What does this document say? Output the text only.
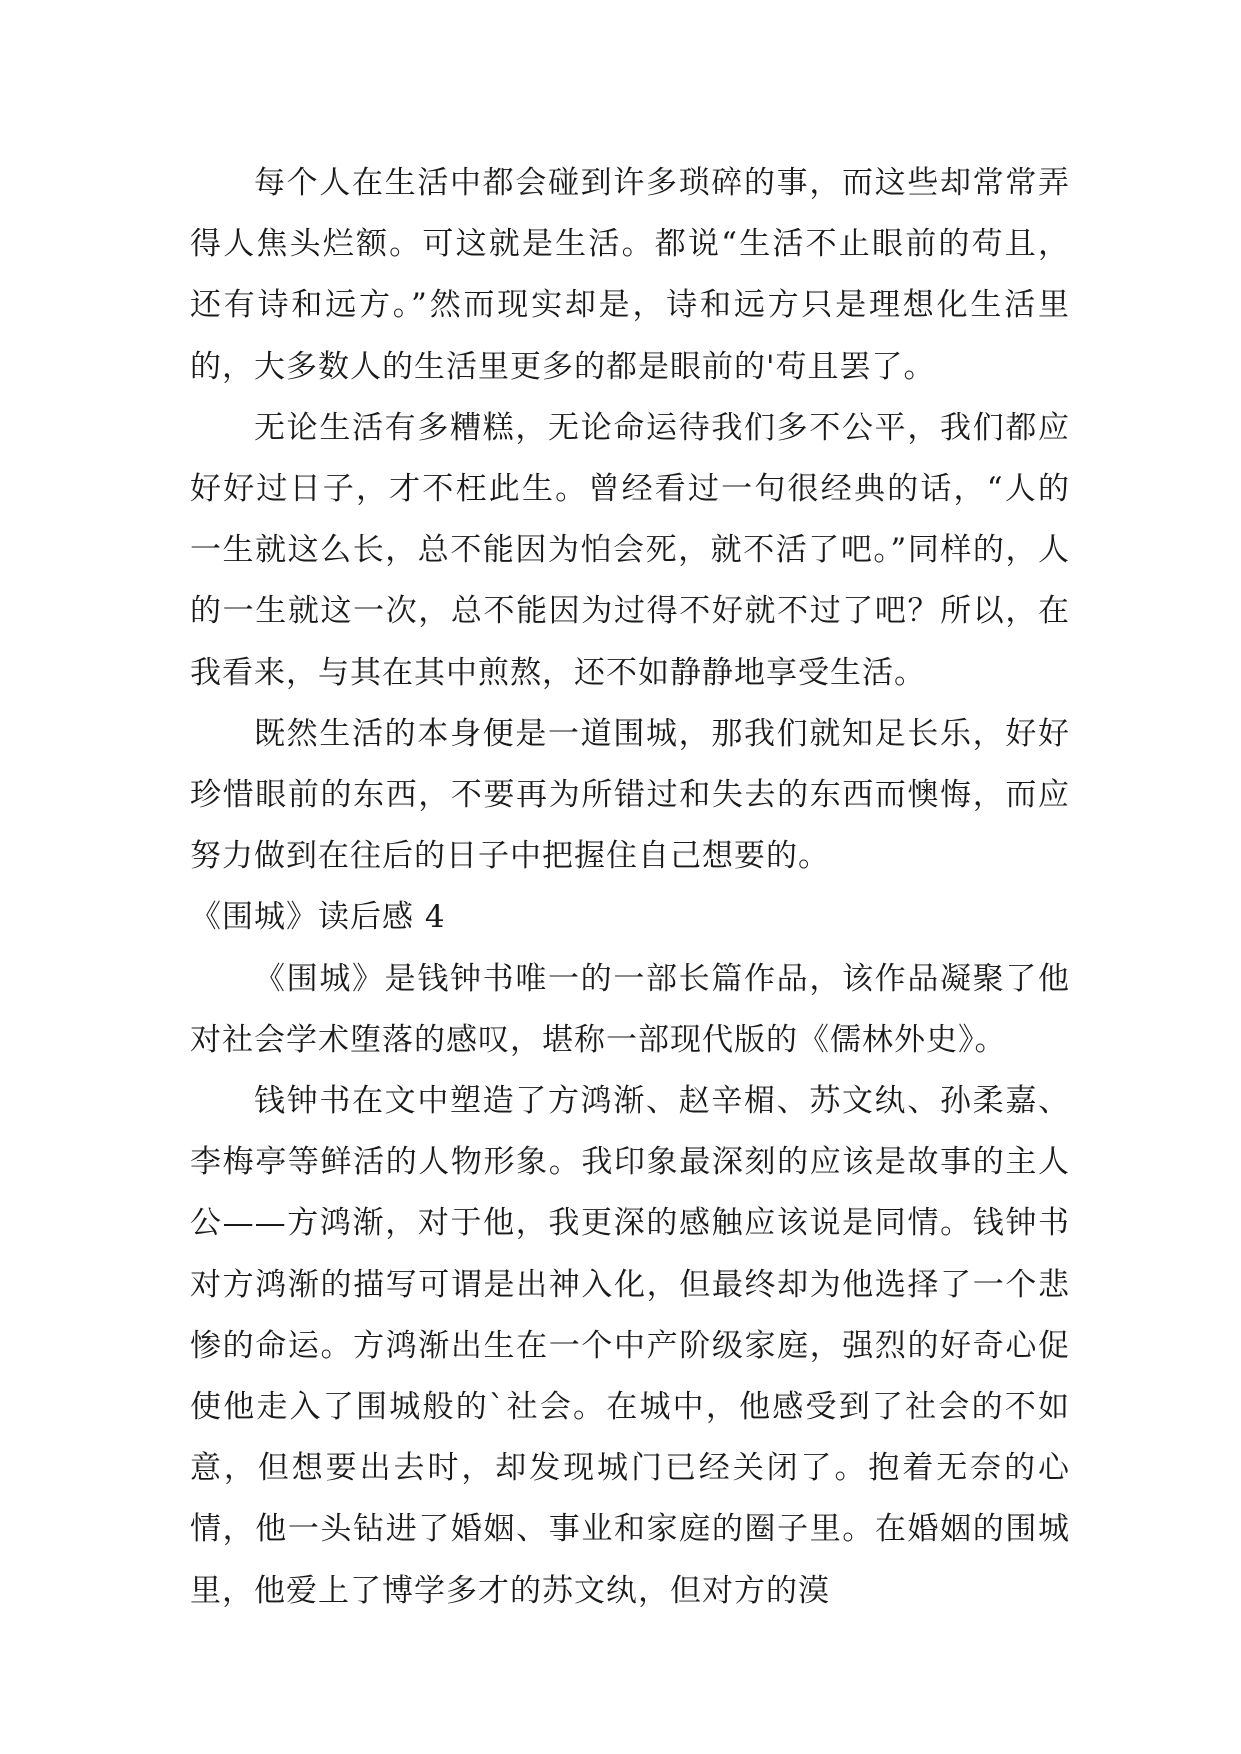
每个人在生活中都会碰到许多琐碎的事，而这些却常常弄得人焦头烂额。可这就是生活。都说“生活不止眼前的苟且，还有诗和远方。”然而现实却是，诗和远方只是理想化生活里的，大多数人的生活里更多的都是眼前的'苟且罢了。

无论生活有多糟糕，无论命运待我们多不公平，我们都应好好过日子，才不枉此生。曾经看过一句很经典的话，“人的一生就这么长，总不能因为怕会死，就不活了吧。”同样的，人的一生就这一次，总不能因为过得不好就不过了吧？所以，在我看来，与其在其中煎熬，还不如静静地享受生活。

既然生活的本身便是一道围城，那我们就知足长乐，好好珍惜眼前的东西，不要再为所错过和失去的东西而懊悔，而应努力做到在往后的日子中把握住自己想要的。

《围城》读后感 4

《围城》是钱钟书唯一的一部长篇作品，该作品凝聚了他对社会学术堕落的感叹，堪称一部现代版的《儒林外史》。

钱钟书在文中塑造了方鸿渐、赵辛楣、苏文纨、孙柔嘉、李梅亭等鲜活的人物形象。我印象最深刻的应该是故事的主人公——方鸿渐，对于他，我更深的感触应该说是同情。钱钟书对方鸿渐的描写可谓是出神入化，但最终却为他选择了一个悲惨的命运。方鸿渐出生在一个中产阶级家庭，强烈的好奇心促使他走入了围城般的`社会。在城中，他感受到了社会的不如意，但想要出去时，却发现城门已经关闭了。抱着无奈的心情，他一头钻进了婚姻、事业和家庭的圈子里。在婚姻的围城里，他爱上了博学多才的苏文纨，但对方的漠
